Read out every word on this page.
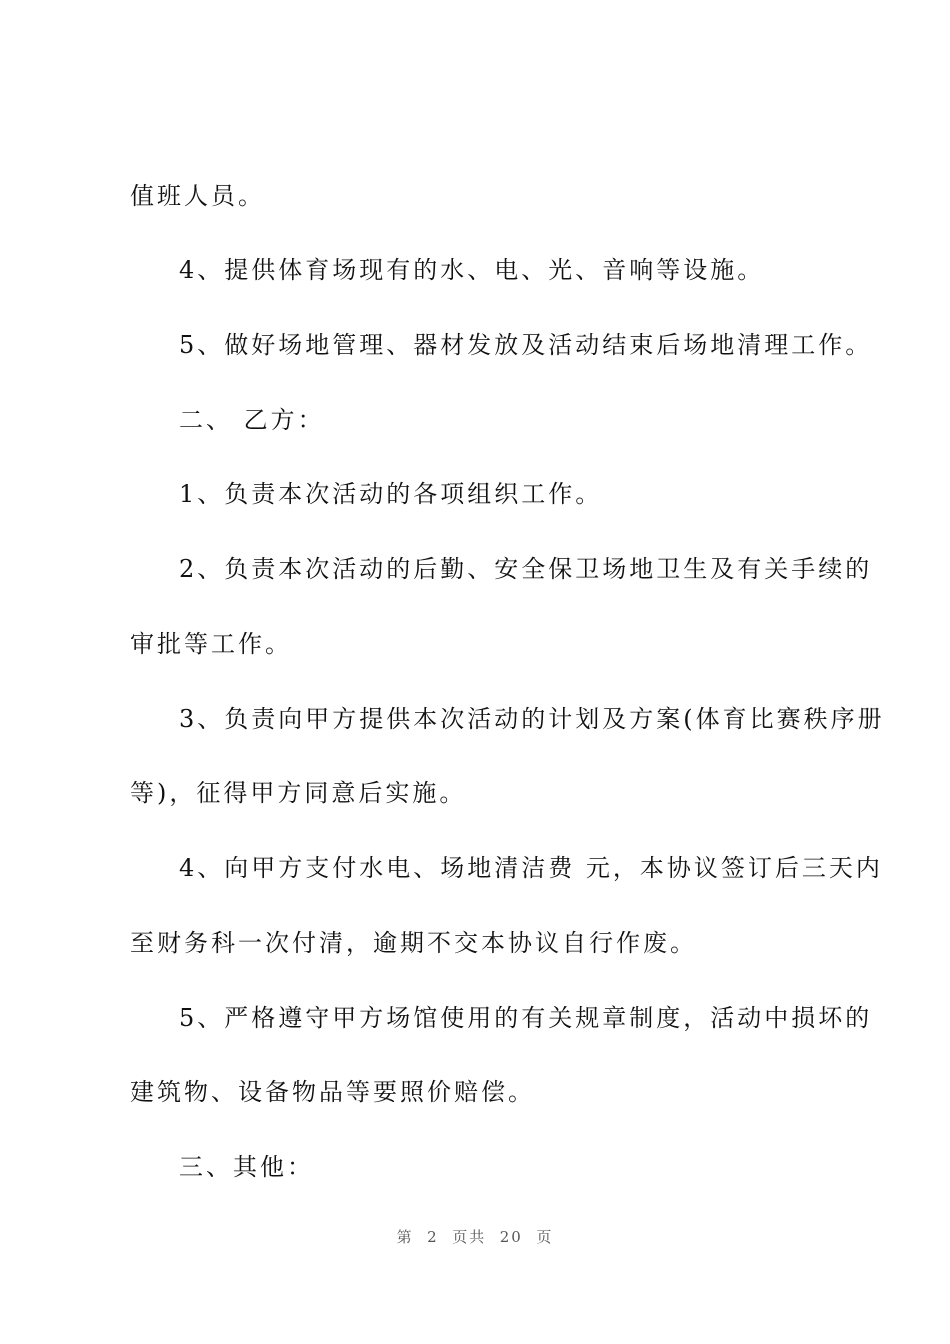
值班人员。

4、提供体育场现有的水、电、光、音响等设施。

5、做好场地管理、器材发放及活动结束后场地清理工作。

二、 乙方：

1、负责本次活动的各项组织工作。

2、负责本次活动的后勤、安全保卫场地卫生及有关手续的

审批等工作。

3、负责向甲方提供本次活动的计划及方案(体育比赛秩序册

等)，征得甲方同意后实施。

4、向甲方支付水电、场地清洁费 元，本协议签订后三天内

至财务科一次付清，逾期不交本协议自行作废。

5、严格遵守甲方场馆使用的有关规章制度，活动中损坏的

建筑物、设备物品等要照价赔偿。

三、其他：

第  2  页共  20  页
